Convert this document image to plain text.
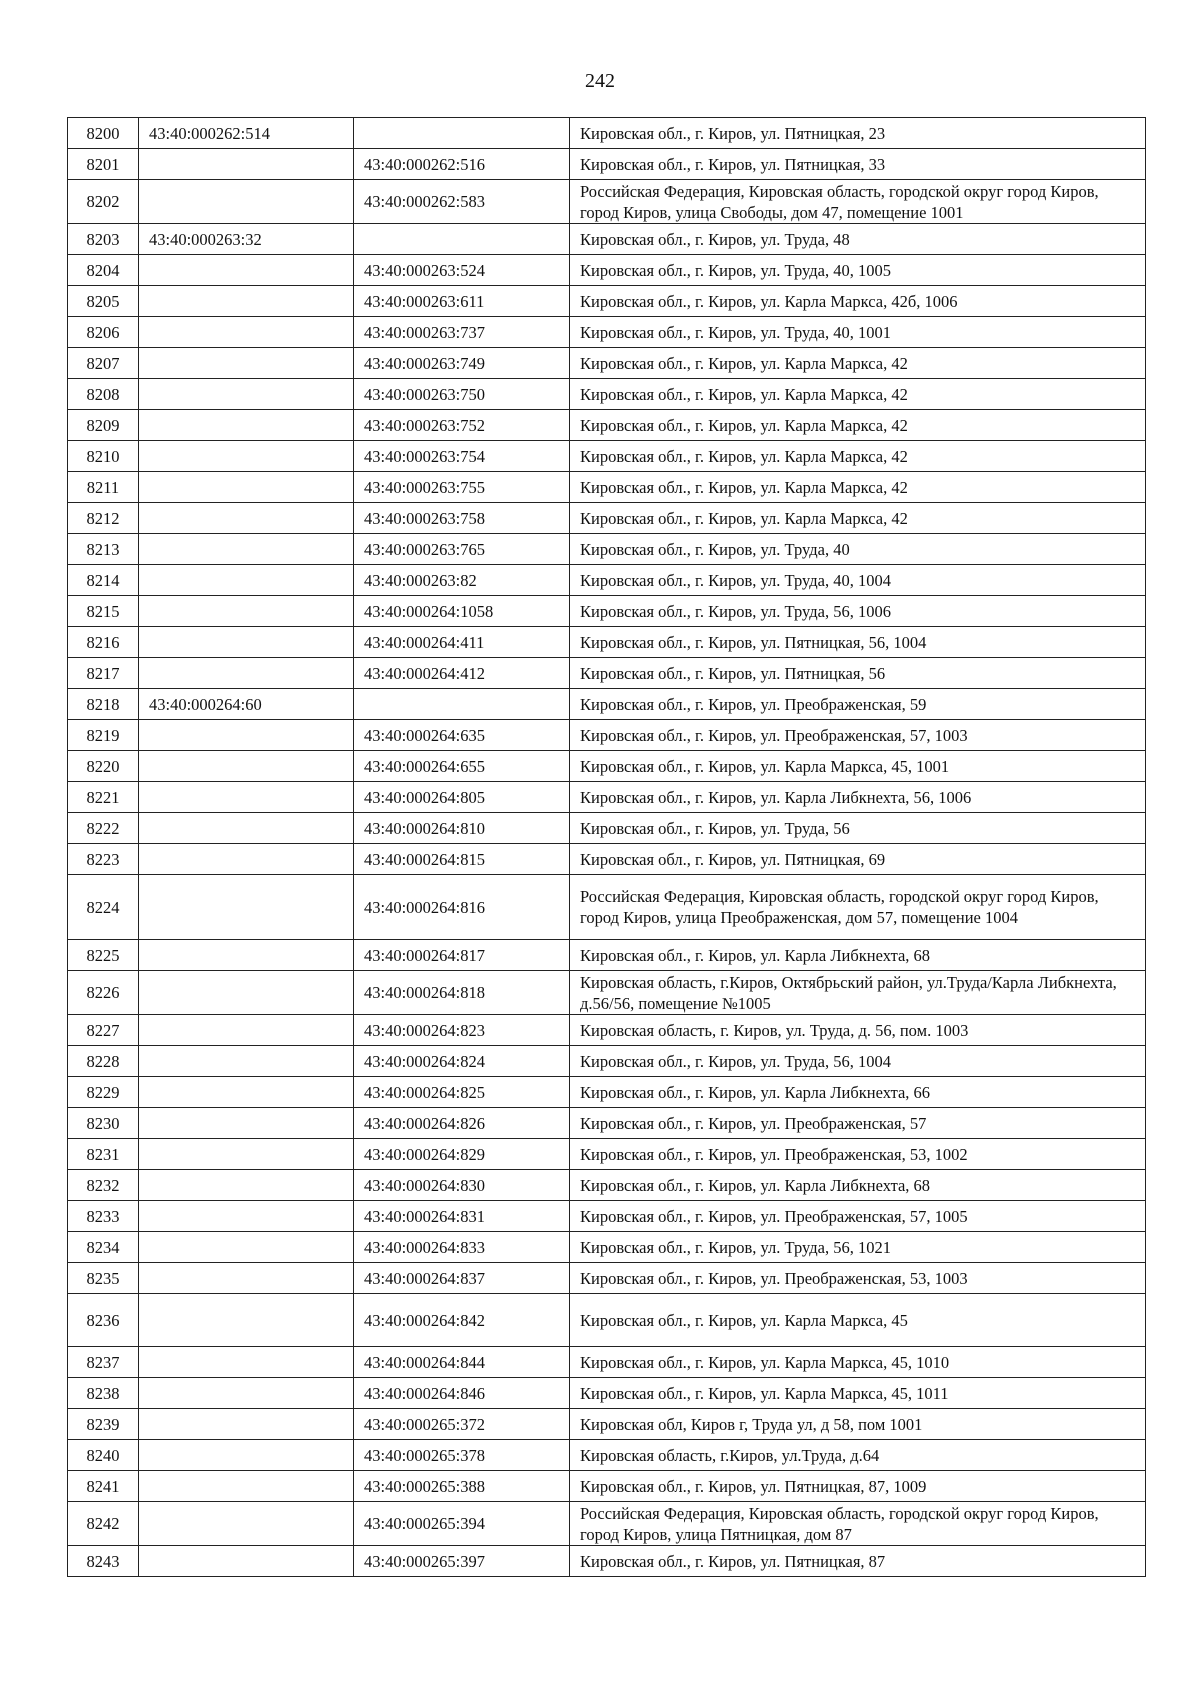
242
8200	43:40:000262:514		Кировская обл., г. Киров, ул. Пятницкая, 23
8201		43:40:000262:516	Кировская обл., г. Киров, ул. Пятницкая, 33
8202		43:40:000262:583	Российская Федерация, Кировская область, городской округ город Киров, город Киров, улица Свободы, дом 47, помещение 1001
8203	43:40:000263:32		Кировская обл., г. Киров, ул. Труда, 48
8204		43:40:000263:524	Кировская обл., г. Киров, ул. Труда, 40, 1005
8205		43:40:000263:611	Кировская обл., г. Киров, ул. Карла Маркса, 42б, 1006
8206		43:40:000263:737	Кировская обл., г. Киров, ул. Труда, 40, 1001
8207		43:40:000263:749	Кировская обл., г. Киров, ул. Карла Маркса, 42
8208		43:40:000263:750	Кировская обл., г. Киров, ул. Карла Маркса, 42
8209		43:40:000263:752	Кировская обл., г. Киров, ул. Карла Маркса, 42
8210		43:40:000263:754	Кировская обл., г. Киров, ул. Карла Маркса, 42
8211		43:40:000263:755	Кировская обл., г. Киров, ул. Карла Маркса, 42
8212		43:40:000263:758	Кировская обл., г. Киров, ул. Карла Маркса, 42
8213		43:40:000263:765	Кировская обл., г. Киров, ул. Труда, 40
8214		43:40:000263:82	Кировская обл., г. Киров, ул. Труда, 40, 1004
8215		43:40:000264:1058	Кировская обл., г. Киров, ул. Труда, 56, 1006
8216		43:40:000264:411	Кировская обл., г. Киров, ул. Пятницкая, 56, 1004
8217		43:40:000264:412	Кировская обл., г. Киров, ул. Пятницкая, 56
8218	43:40:000264:60		Кировская обл., г. Киров, ул. Преображенская, 59
8219		43:40:000264:635	Кировская обл., г. Киров, ул. Преображенская, 57, 1003
8220		43:40:000264:655	Кировская обл., г. Киров, ул. Карла Маркса, 45, 1001
8221		43:40:000264:805	Кировская обл., г. Киров, ул. Карла Либкнехта, 56, 1006
8222		43:40:000264:810	Кировская обл., г. Киров, ул. Труда, 56
8223		43:40:000264:815	Кировская обл., г. Киров, ул. Пятницкая, 69
8224		43:40:000264:816	Российская Федерация, Кировская область, городской округ город Киров, город Киров, улица Преображенская, дом 57, помещение 1004
8225		43:40:000264:817	Кировская обл., г. Киров, ул. Карла Либкнехта, 68
8226		43:40:000264:818	Кировская область, г.Киров, Октябрьский район, ул.Труда/Карла Либкнехта, д.56/56, помещение №1005
8227		43:40:000264:823	Кировская область, г. Киров, ул. Труда, д. 56, пом. 1003
8228		43:40:000264:824	Кировская обл., г. Киров, ул. Труда, 56, 1004
8229		43:40:000264:825	Кировская обл., г. Киров, ул. Карла Либкнехта, 66
8230		43:40:000264:826	Кировская обл., г. Киров, ул. Преображенская, 57
8231		43:40:000264:829	Кировская обл., г. Киров, ул. Преображенская, 53, 1002
8232		43:40:000264:830	Кировская обл., г. Киров, ул. Карла Либкнехта, 68
8233		43:40:000264:831	Кировская обл., г. Киров, ул. Преображенская, 57, 1005
8234		43:40:000264:833	Кировская обл., г. Киров, ул. Труда, 56, 1021
8235		43:40:000264:837	Кировская обл., г. Киров, ул. Преображенская, 53, 1003
8236		43:40:000264:842	Кировская обл., г. Киров, ул. Карла Маркса, 45
8237		43:40:000264:844	Кировская обл., г. Киров, ул. Карла Маркса, 45, 1010
8238		43:40:000264:846	Кировская обл., г. Киров, ул. Карла Маркса, 45, 1011
8239		43:40:000265:372	Кировская обл, Киров г, Труда ул, д 58, пом 1001
8240		43:40:000265:378	Кировская область, г.Киров, ул.Труда, д.64
8241		43:40:000265:388	Кировская обл., г. Киров, ул. Пятницкая, 87, 1009
8242		43:40:000265:394	Российская Федерация, Кировская область, городской округ город Киров, город Киров, улица Пятницкая, дом 87
8243		43:40:000265:397	Кировская обл., г. Киров, ул. Пятницкая, 87
